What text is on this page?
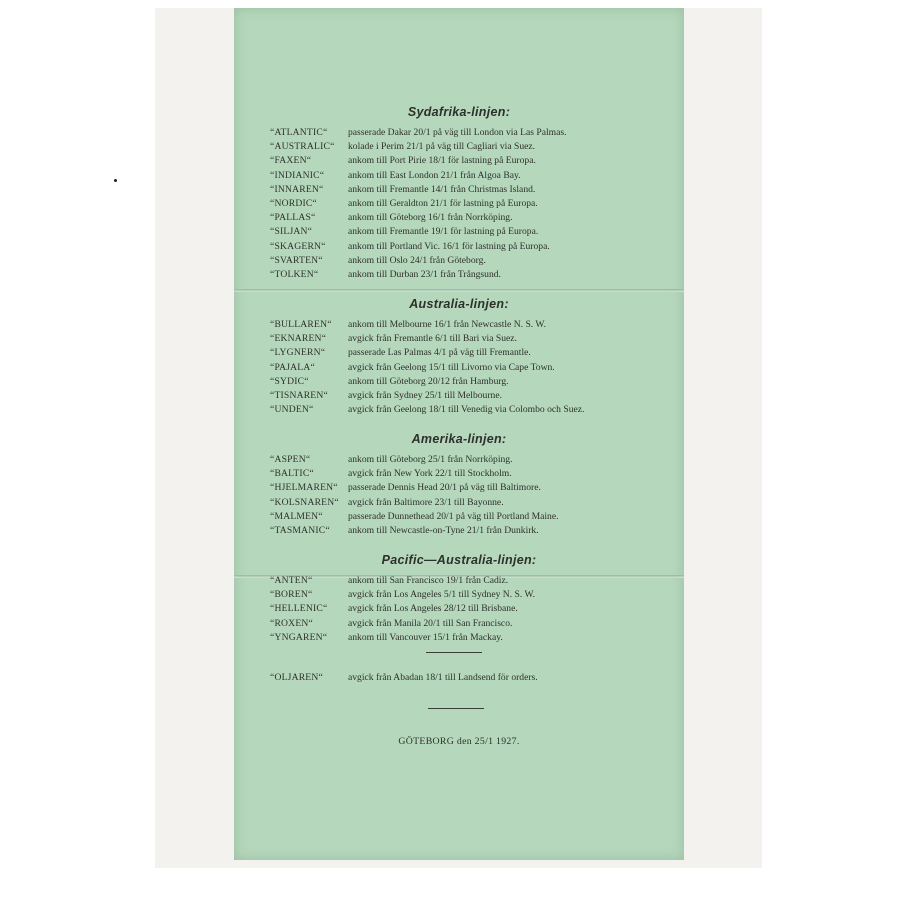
Sydafrika-linjen:
“ATLANTIC“	passerade Dakar 20/1 på väg till London via Las Palmas.
“AUSTRALIC“	kolade i Perim 21/1 på väg till Cagliari via Suez.
“FAXEN“	ankom till Port Pirie 18/1 för lastning på Europa.
“INDIANIC“	ankom till East London 21/1 från Algoa Bay.
“INNAREN“	ankom till Fremantle 14/1 från Christmas Island.
“NORDIC“	ankom till Geraldton 21/1 för lastning på Europa.
“PALLAS“	ankom till Göteborg 16/1 från Norrköping.
“SILJAN“	ankom till Fremantle 19/1 för lastning på Europa.
“SKAGERN“	ankom till Portland Vic. 16/1 för lastning på Europa.
“SVARTEN“	ankom till Oslo 24/1 från Göteborg.
“TOLKEN“	ankom till Durban 23/1 från Trångsund.
Australia-linjen:
“BULLAREN“	ankom till Melbourne 16/1 från Newcastle N. S. W.
“EKNAREN“	avgick från Fremantle 6/1 till Bari via Suez.
“LYGNERN“	passerade Las Palmas 4/1 på väg till Fremantle.
“PAJALA“	avgick från Geelong 15/1 till Livorno via Cape Town.
“SYDIC“	ankom till Göteborg 20/12 från Hamburg.
“TISNAREN“	avgick från Sydney 25/1 till Melbourne.
“UNDEN“	avgick från Geelong 18/1 till Venedig via Colombo och Suez.
Amerika-linjen:
“ASPEN“	ankom till Göteborg 25/1 från Norrköping.
“BALTIC“	avgick från New York 22/1 till Stockholm.
“HJELMAREN“	passerade Dennis Head 20/1 på väg till Baltimore.
“KOLSNAREN“ avgick från Baltimore 23/1 till Bayonne.
“MALMEN“	passerade Dunnethead 20/1 på väg till Portland Maine.
“TASMANIC“	ankom till Newcastle-on-Tyne 21/1 från Dunkirk.
Pacific—Australia-linjen:
“ANTEN“	ankom till San Francisco 19/1 från Cadiz.
“BOREN“	avgick från Los Angeles 5/1 till Sydney N. S. W.
“HELLENIC“	avgick från Los Angeles 28/12 till Brisbane.
“ROXEN“	avgick från Manila 20/1 till San Francisco.
“YNGAREN“	ankom till Vancouver 15/1 från Mackay.
“OLJAREN“	avgick från Abadan 18/1 till Landsend för orders.
GÖTEBORG den 25/1 1927.
